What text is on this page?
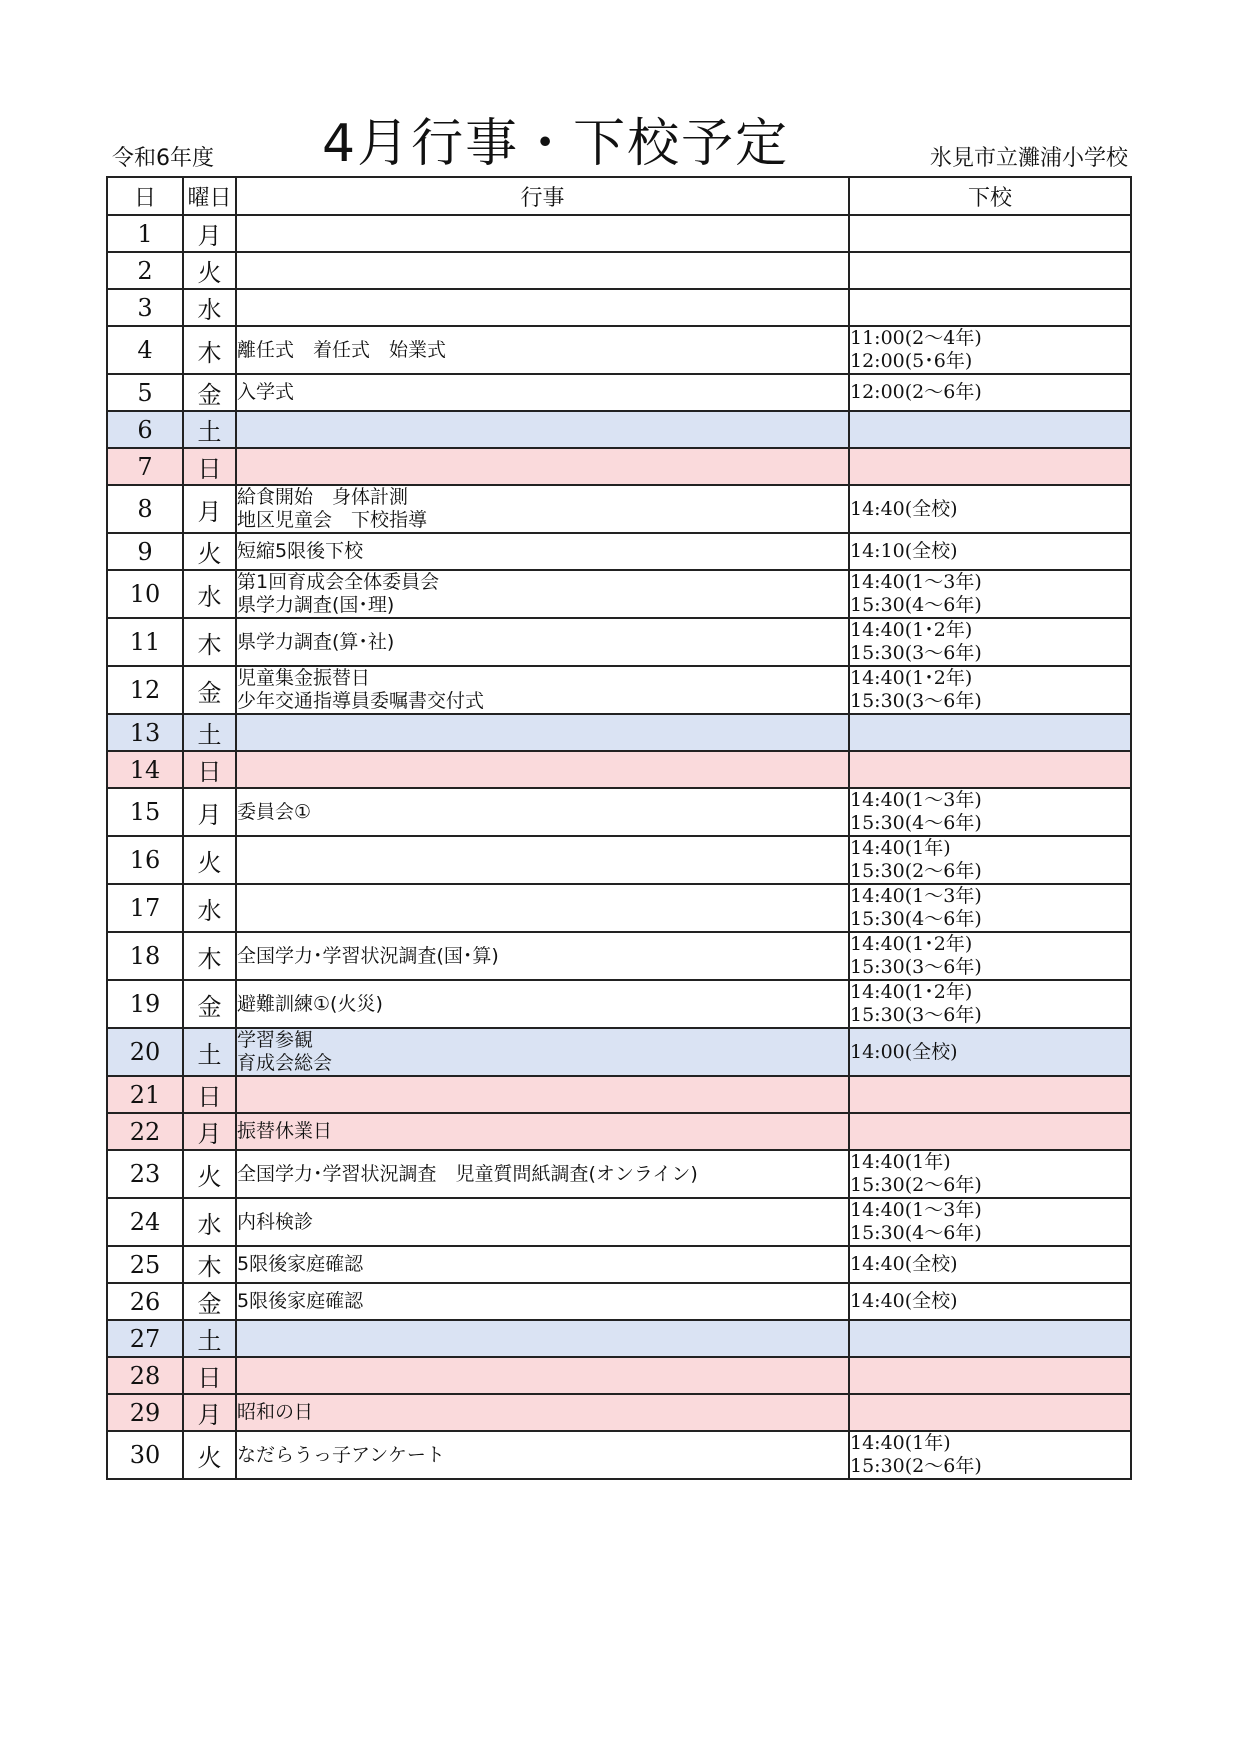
令和6年度 4月行事・下校予定	氷見市立灘浦小学校
日	曜日	行事	下校
1	月		
2	火		
3	水		
4	木	離任式　着任式　始業式	11:00(2～4年)
12:00(5･6年)

5	金	入学式	12:00(2～6年)

6	土		
7	日		
8	月	給食開始　身体計測
地区児童会　下校指導	14:40(全校)

9	火	短縮5限後下校	14:10(全校)

10	水	第1回育成会全体委員会
県学力調査(国･理)	14:40(1～3年)
15:30(4～6年)

11	木	県学力調査(算･社)	14:40(1･2年)
15:30(3～6年)

12	金	児童集金振替日
少年交通指導員委嘱書交付式	14:40(1･2年)
15:30(3～6年)

13	土		
14	日		
15	月	委員会①	14:40(1～3年)
15:30(4～6年)

16	火		14:40(1年)
15:30(2～6年)

17	水		14:40(1～3年)
15:30(4～6年)

18	木	全国学力･学習状況調査(国･算)	14:40(1･2年)
15:30(3～6年)

19	金	避難訓練①(火災)	14:40(1･2年)
15:30(3～6年)

20	土	学習参観
育成会総会	14:00(全校)

21	日		
22	月	振替休業日	

23	火	全国学力･学習状況調査　児童質問紙調査(オンライン)	14:40(1年)
15:30(2～6年)

24	水	内科検診	14:40(1～3年)
15:30(4～6年)

25	木	5限後家庭確認	14:40(全校)

26	金	5限後家庭確認	14:40(全校)

27	土		
28	日		
29	月	昭和の日	

30	火	なだらうっ子アンケート	14:40(1年)
15:30(2～6年)
